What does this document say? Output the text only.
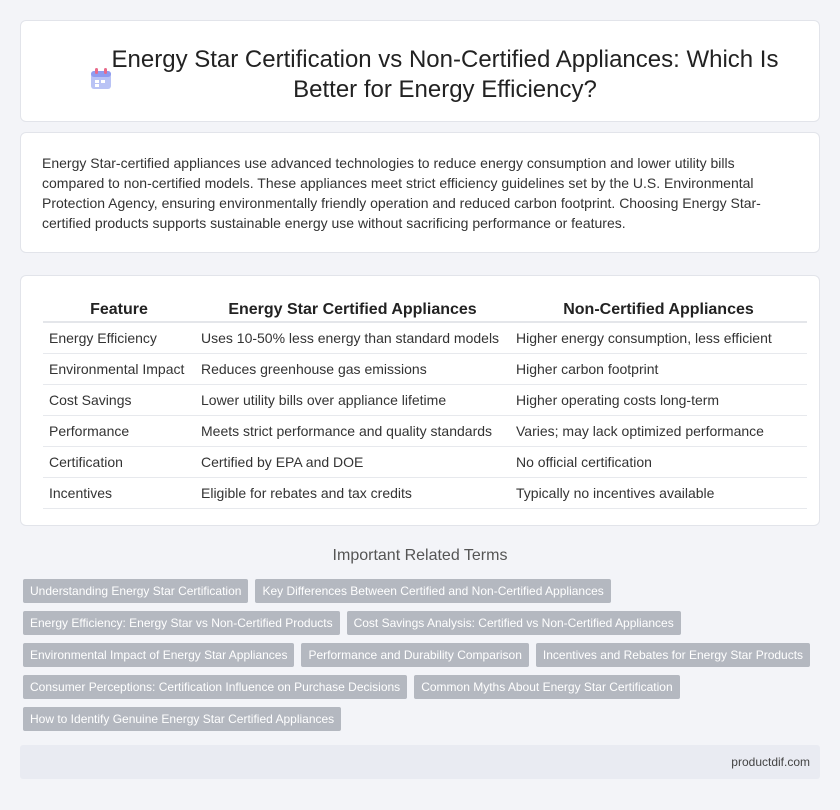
Energy Star Certification vs Non-Certified Appliances: Which Is Better for Energy Efficiency?

Energy Star-certified appliances use advanced technologies to reduce energy consumption and lower utility bills compared to non-certified models. These appliances meet strict efficiency guidelines set by the U.S. Environmental Protection Agency, ensuring environmentally friendly operation and reduced carbon footprint. Choosing Energy Star-certified products supports sustainable energy use without sacrificing performance or features.

Feature	Energy Star Certified Appliances	Non-Certified Appliances
Energy Efficiency	Uses 10-50% less energy than standard models	Higher energy consumption, less efficient
Environmental Impact	Reduces greenhouse gas emissions	Higher carbon footprint
Cost Savings	Lower utility bills over appliance lifetime	Higher operating costs long-term
Performance	Meets strict performance and quality standards	Varies; may lack optimized performance
Certification	Certified by EPA and DOE	No official certification
Incentives	Eligible for rebates and tax credits	Typically no incentives available
Important Related Terms
Understanding Energy Star Certification	Key Differences Between Certified and Non-Certified Appliances
Energy Efficiency: Energy Star vs Non-Certified Products	Cost Savings Analysis: Certified vs Non-Certified Appliances
Environmental Impact of Energy Star Appliances	Performance and Durability Comparison	Incentives and Rebates for Energy Star Products
Consumer Perceptions: Certification Influence on Purchase Decisions	Common Myths About Energy Star Certification
How to Identify Genuine Energy Star Certified Appliances
productdif.com
